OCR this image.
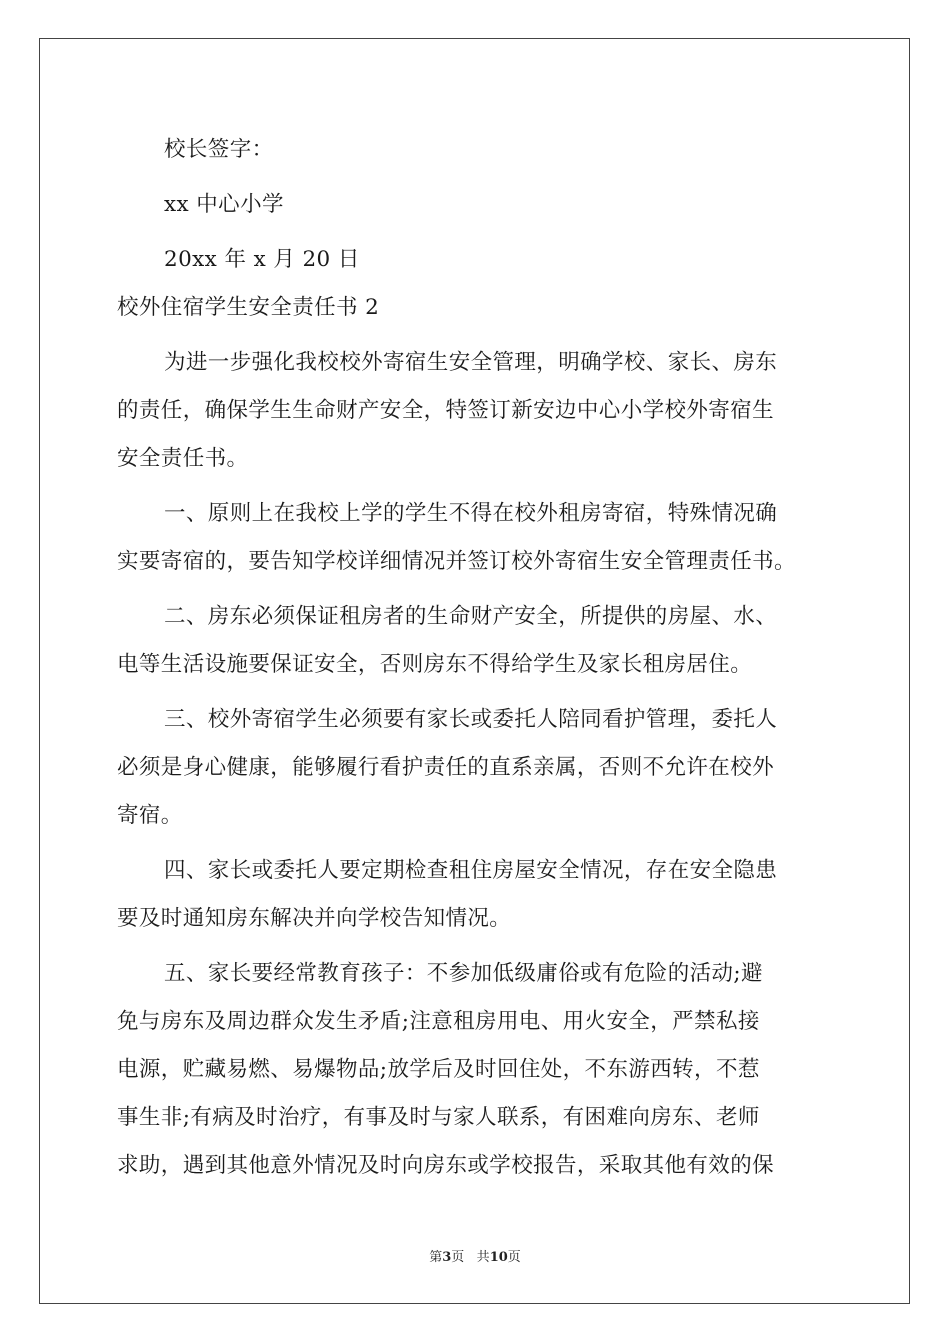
校长签字：
xx 中心小学
20xx 年 x 月 20 日
校外住宿学生安全责任书 2
为进一步强化我校校外寄宿生安全管理，明确学校、家长、房东
的责任，确保学生生命财产安全，特签订新安边中心小学校外寄宿生
安全责任书。
一、原则上在我校上学的学生不得在校外租房寄宿，特殊情况确
实要寄宿的，要告知学校详细情况并签订校外寄宿生安全管理责任书。
二、房东必须保证租房者的生命财产安全，所提供的房屋、水、
电等生活设施要保证安全，否则房东不得给学生及家长租房居住。
三、校外寄宿学生必须要有家长或委托人陪同看护管理，委托人
必须是身心健康，能够履行看护责任的直系亲属，否则不允许在校外
寄宿。
四、家长或委托人要定期检查租住房屋安全情况，存在安全隐患
要及时通知房东解决并向学校告知情况。
五、家长要经常教育孩子：不参加低级庸俗或有危险的活动;避
免与房东及周边群众发生矛盾;注意租房用电、用火安全，严禁私接
电源，贮藏易燃、易爆物品;放学后及时回住处，不东游西转，不惹
事生非;有病及时治疗，有事及时与家人联系，有困难向房东、老师
求助，遇到其他意外情况及时向房东或学校报告，采取其他有效的保
第3页 共10页
